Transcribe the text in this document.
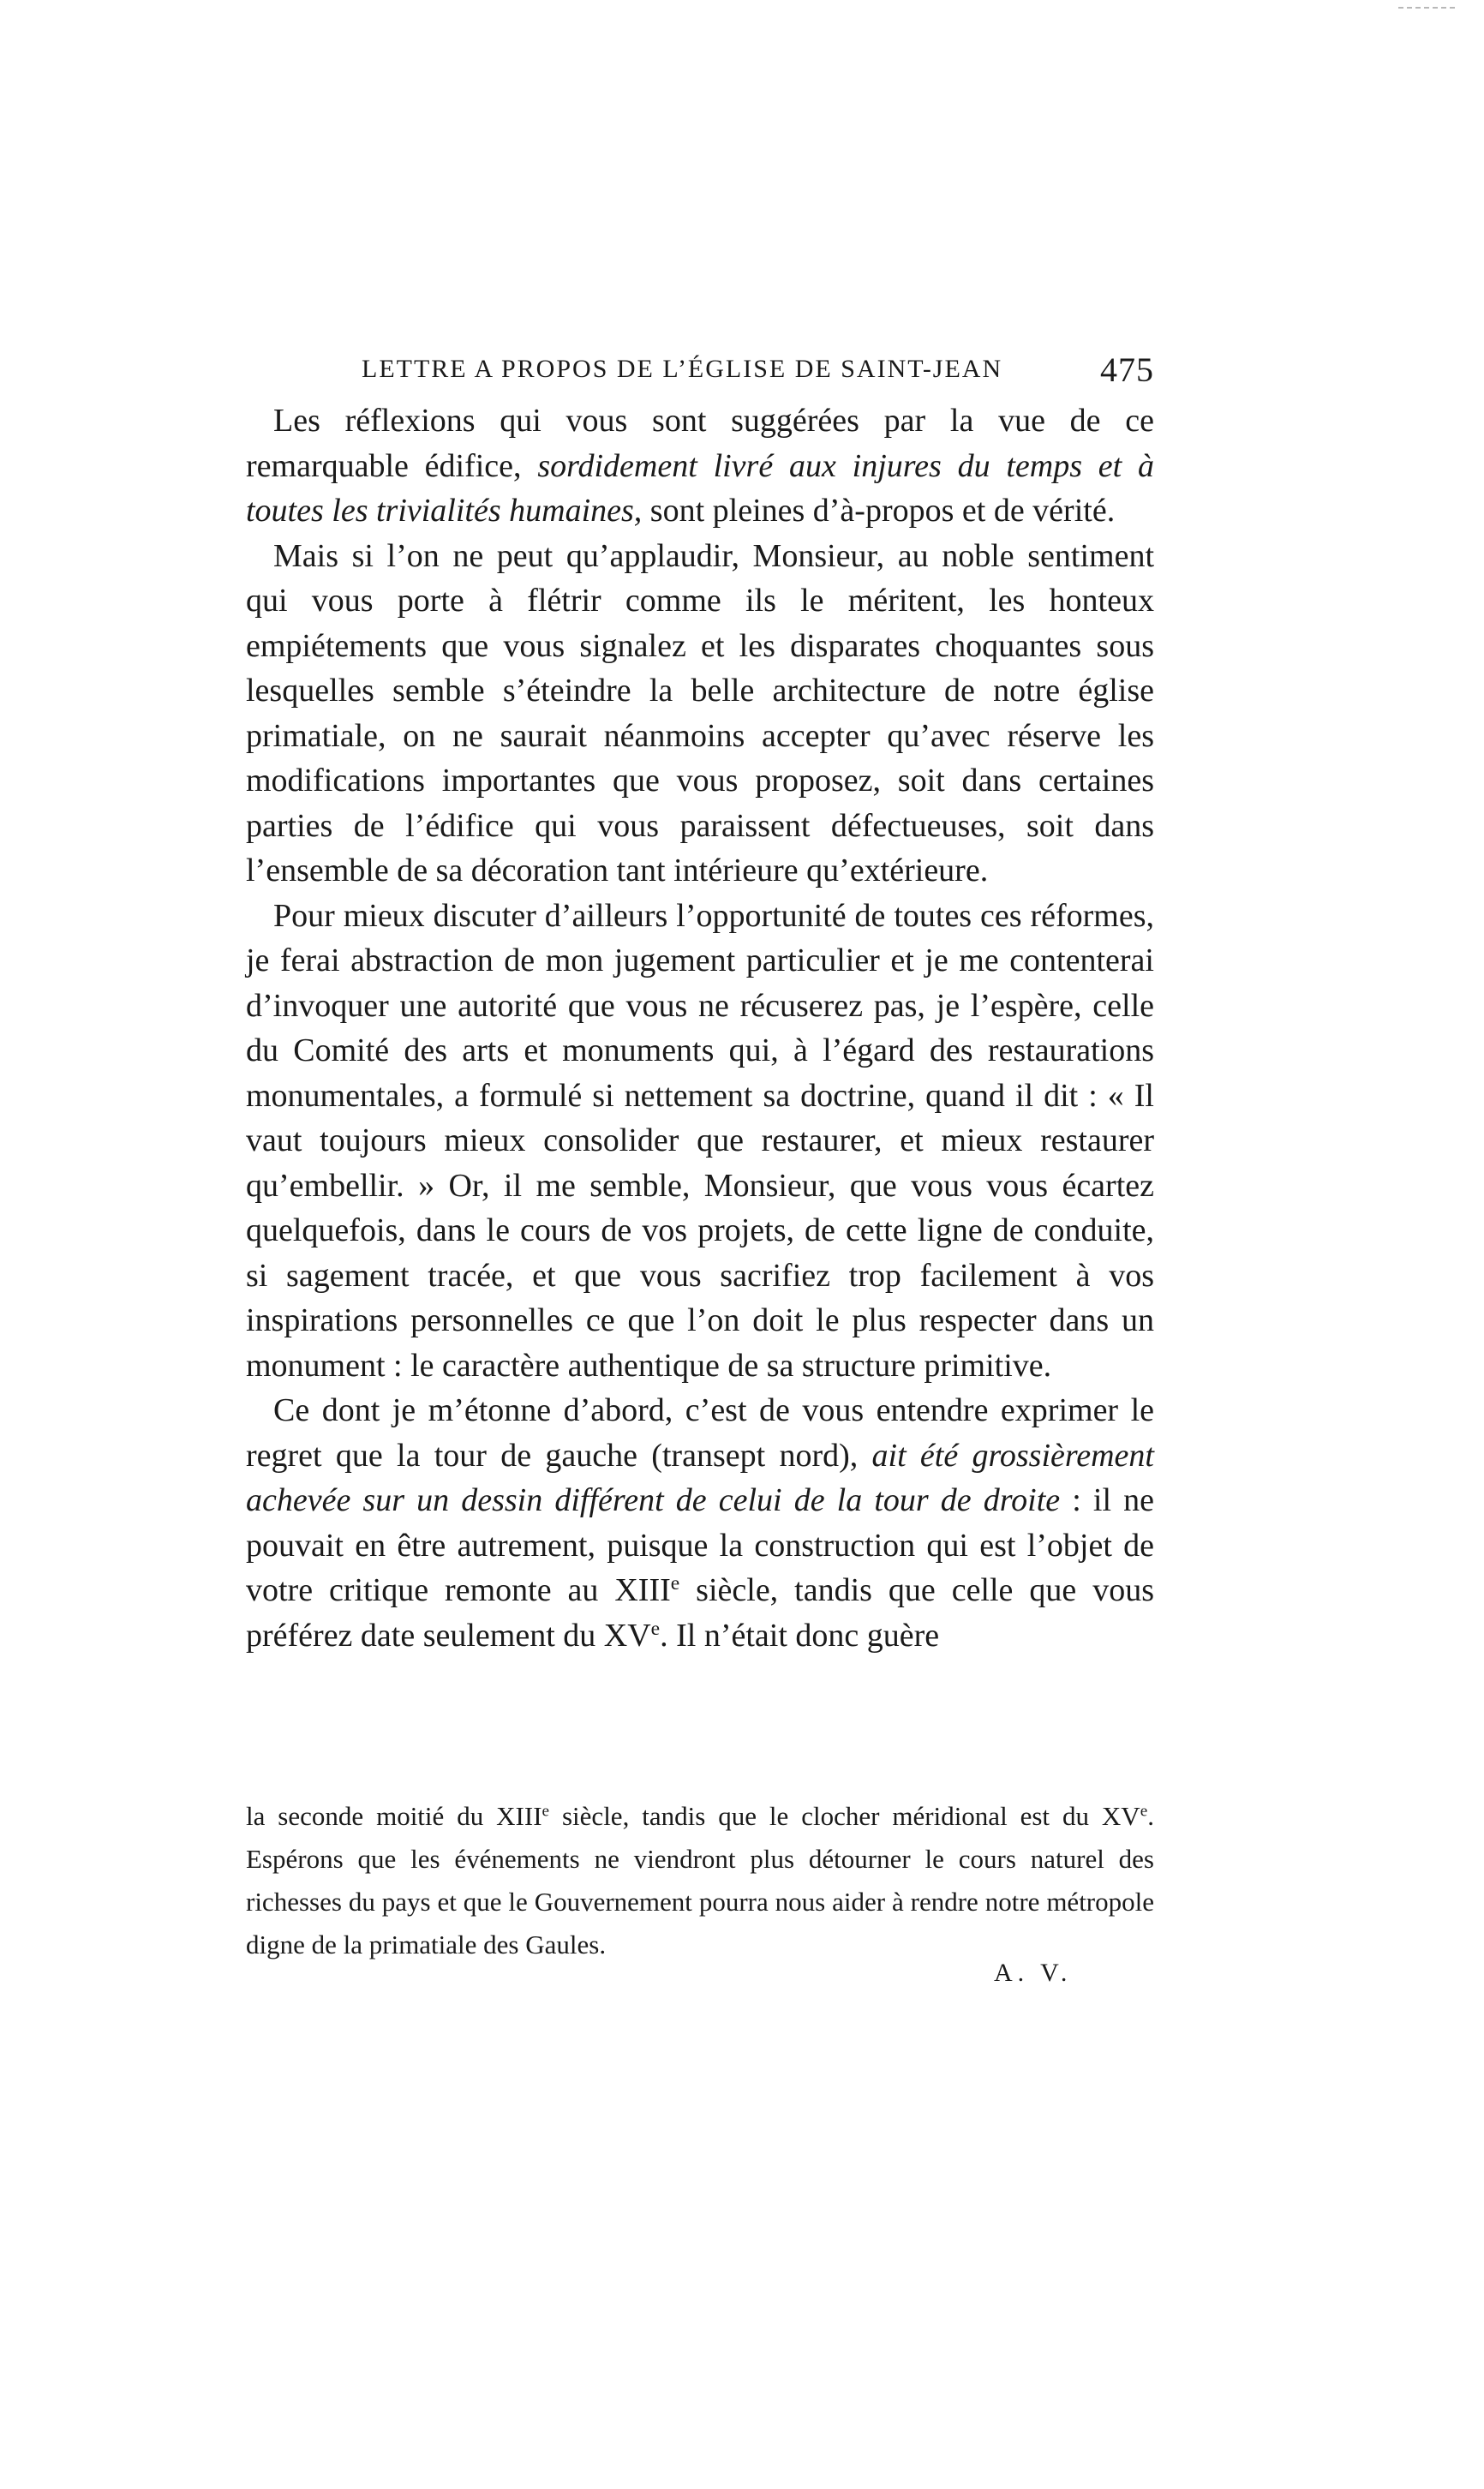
LETTRE A PROPOS DE L’ÉGLISE DE SAINT-JEAN	475

Les réflexions qui vous sont suggérées par la vue de ce remarquable édifice, sordidement livré aux injures du temps et à toutes les trivialités humaines, sont pleines d’à-propos et de vérité.

Mais si l’on ne peut qu’applaudir, Monsieur, au noble sentiment qui vous porte à flétrir comme ils le méritent, les honteux empiétements que vous signalez et les disparates choquantes sous lesquelles semble s’éteindre la belle architecture de notre église primatiale, on ne saurait néanmoins accepter qu’avec réserve les modifications importantes que vous proposez, soit dans certaines parties de l’édifice qui vous paraissent défectueuses, soit dans l’ensemble de sa décoration tant intérieure qu’extérieure.

Pour mieux discuter d’ailleurs l’opportunité de toutes ces réformes, je ferai abstraction de mon jugement particulier et je me contenterai d’invoquer une autorité que vous ne récuserez pas, je l’espère, celle du Comité des arts et monuments qui, à l’égard des restaurations monumentales, a formulé si nettement sa doctrine, quand il dit : « Il vaut toujours mieux consolider que restaurer, et mieux restaurer qu’embellir. » Or, il me semble, Monsieur, que vous vous écartez quelquefois, dans le cours de vos projets, de cette ligne de conduite, si sagement tracée, et que vous sacrifiez trop facilement à vos inspirations personnelles ce que l’on doit le plus respecter dans un monument : le caractère authentique de sa structure primitive.

Ce dont je m’étonne d’abord, c’est de vous entendre exprimer le regret que la tour de gauche (transept nord), ait été grossièrement achevée sur un dessin différent de celui de la tour de droite : il ne pouvait en être autrement, puisque la construction qui est l’objet de votre critique remonte au XIIIe siècle, tandis que celle que vous préférez date seulement du XVe. Il n’était donc guère

la seconde moitié du XIIIe siècle, tandis que le clocher méridional est du XVe. Espérons que les événements ne viendront plus détourner le cours naturel des richesses du pays et que le Gouvernement pourra nous aider à rendre notre métropole digne de la primatiale des Gaules.

A. V.
